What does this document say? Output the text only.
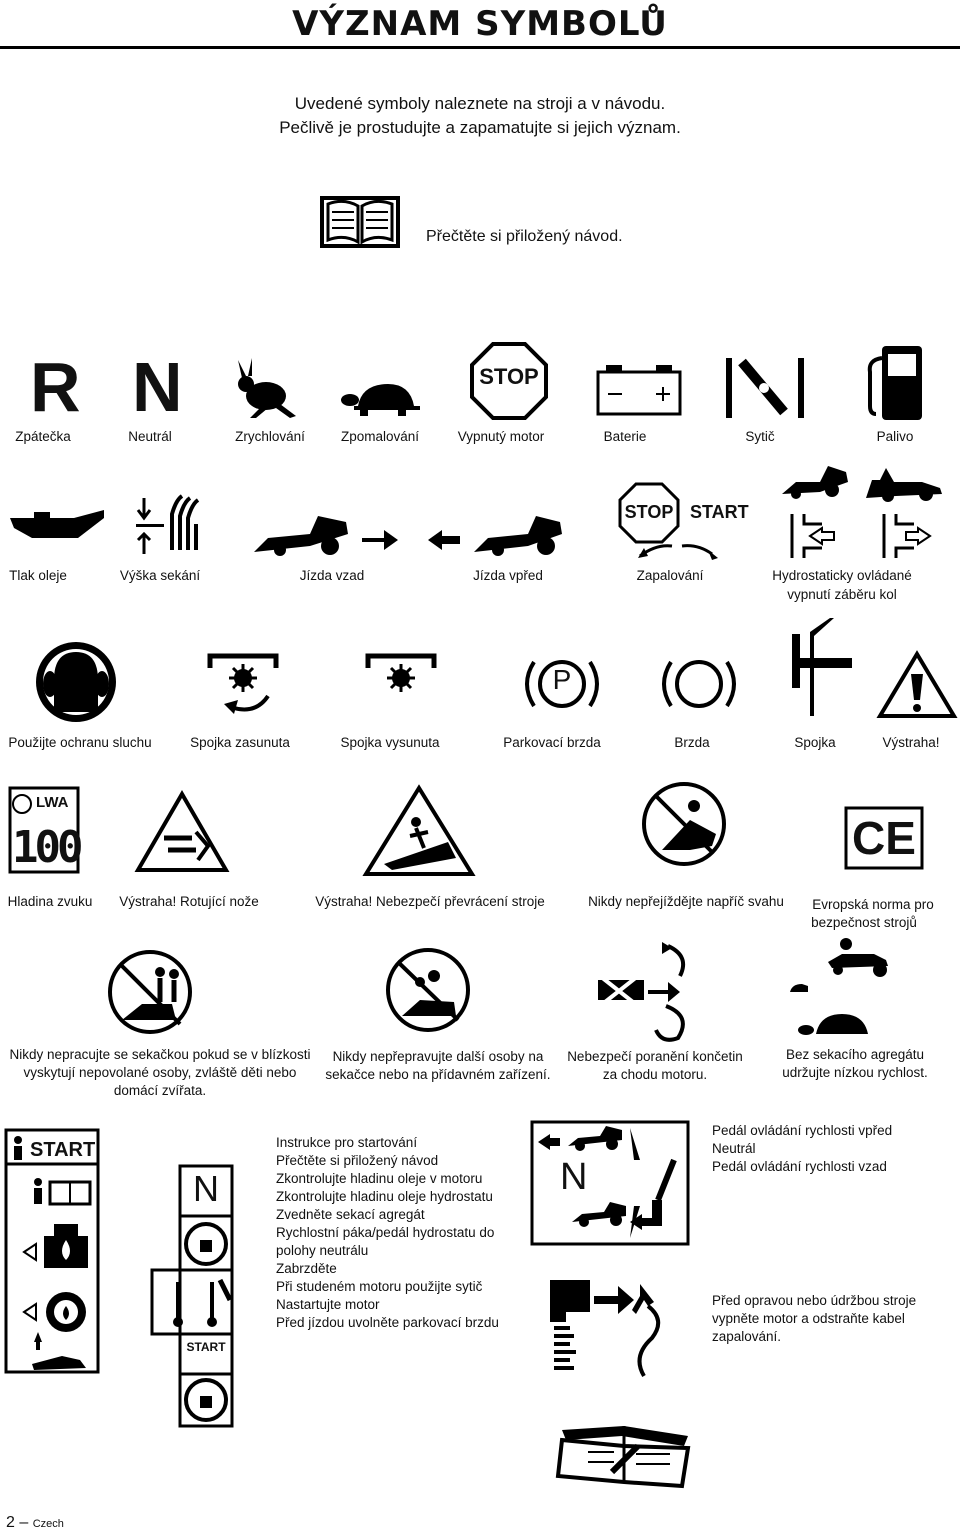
VÝZNAM SYMBOLŮ
Uvedené symboly naleznete na stroji a v návodu.
Pečlivě je prostudujte a zapamatujte si jejich význam.
Přečtěte si přiložený návod.
R N	STOP
Zpátečka	Neutrál	Zrychlování	Zpomalování	Vypnutý motor	Baterie	Sytič	Palivo
STOP START
Tlak oleje	Výška sekání	Jízda vzad	Jízda vpřed	Zapalování	Hydrostaticky ovládané
vypnutí záběru kol
P
Použijte ochranu sluchu	Spojka zasunuta	Spojka vysunuta	Parkovací brzda	Brzda	Spojka	Výstraha!
LWA
100	CE
Hladina zvuku	Výstraha! Rotující nože	Výstraha! Nebezpečí převrácení stroje	Nikdy nepřejíždějte napříč svahu	Evropská norma pro
bezpečnost strojů
Nikdy nepracujte se sekačkou pokud se v blízkosti
vyskytují nepovolané osoby, zvláště děti nebo
domácí zvířata.
Nikdy nepřepravujte další osoby na
sekačce nebo na přídavném zařízení.
Nebezpečí poranění končetin
za chodu motoru.
Bez sekacího agregátu
udržujte nízkou rychlost.
START
N
START
Instrukce pro startování
Přečtěte si přiložený návod
Zkontrolujte hladinu oleje v motoru
Zkontrolujte hladinu oleje hydrostatu
Zvedněte sekací agregát
Rychlostní páka/pedál hydrostatu do
polohy neutrálu
Zabrzděte
Při studeném motoru použijte sytič
Nastartujte motor
Před jízdou uvolněte parkovací brzdu
N
Pedál ovládání rychlosti vpřed
Neutrál
Pedál ovládání rychlosti vzad
Před opravou nebo údržbou stroje
vypněte motor a odstraňte kabel
zapalování.
2 – Czech
